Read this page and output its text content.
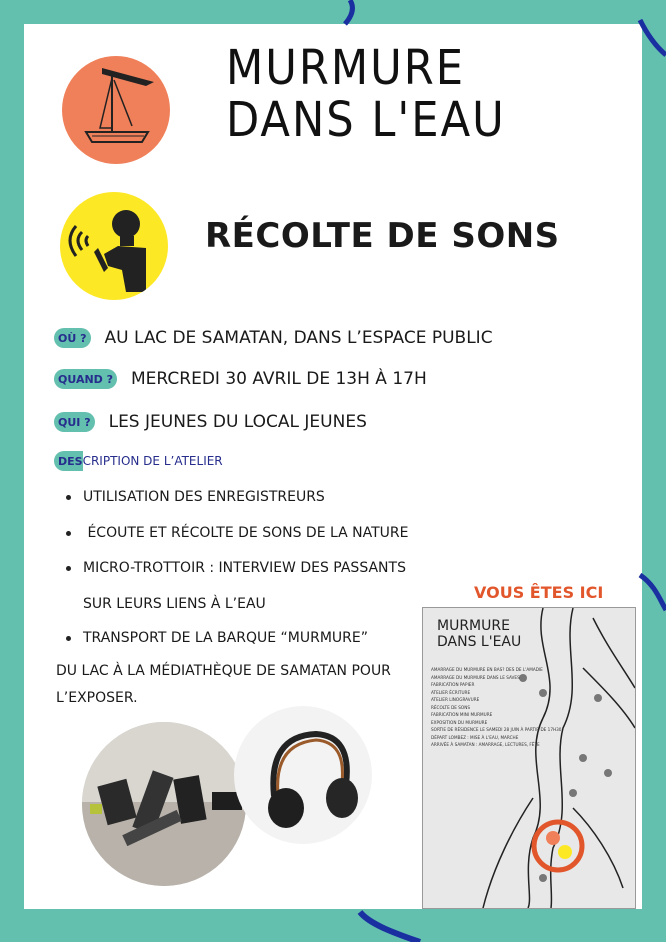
MURMURE
DANS L'EAU
RÉCOLTE DE SONS
OÙ ? AU LAC DE SAMATAN, DANS L’ESPACE PUBLIC
QUAND ? MERCREDI 30 AVRIL DE 13H À 17H
QUI ? LES JEUNES DU LOCAL JEUNES
DESCRIPTION DE L’ATELIER
UTILISATION DES ENREGISTREURS
ÉCOUTE ET RÉCOLTE DE SONS DE LA NATURE
MICRO-TROTTOIR : INTERVIEW DES PASSANTS
SUR LEURS LIENS À L’EAU
TRANSPORT DE LA BARQUE “MURMURE”
DU LAC À LA MÉDIATHÈQUE DE SAMATAN POUR
L’EXPOSER.
VOUS ÊTES ICI
MURMURE
DANS L'EAU
AMARRAGE DU MURMURE EN BAS? DES DE L'AMADIE
AMARRAGE DU MURMURE DANS LE SAVES
FABRICATION PAPIER
ATELIER ÉCRITURE
ATELIER LINOGRAVURE
RÉCOLTE DE SONS
FABRICATION MINI MURMURE
EXPOSITION DU MURMURE
SORTIE DE RÉSIDENCE LE SAMEDI 28 JUIN À PARTIR DE 17H30
DÉPART LOMBEZ : MISE À L'EAU, MARCHE
ARRIVÉE À SAMATAN : AMARRAGE, LECTURES, FÊTE
